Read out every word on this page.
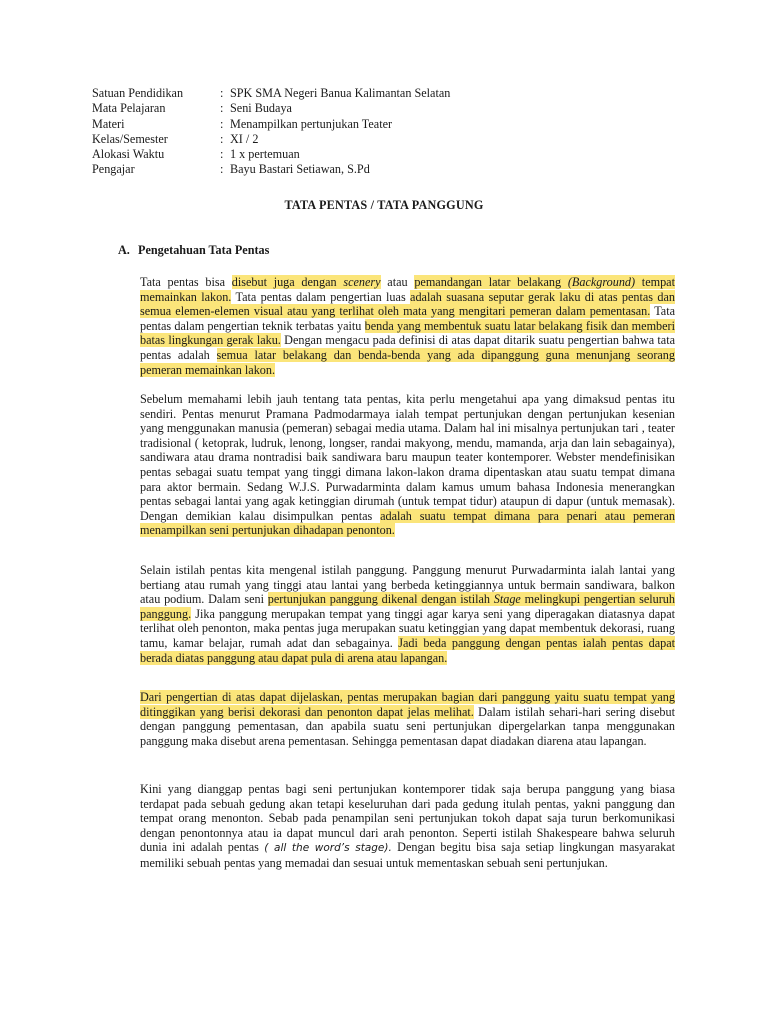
Satuan Pendidikan	: SPK SMA Negeri Banua Kalimantan Selatan
Mata Pelajaran	: Seni Budaya
Materi	: Menampilkan pertunjukan Teater
Kelas/Semester	: XI / 2
Alokasi Waktu	: 1 x pertemuan
Pengajar	: Bayu Bastari Setiawan, S.Pd
TATA PENTAS / TATA PANGGUNG
A. Pengetahuan Tata Pentas

Tata pentas bisa disebut juga dengan scenery atau pemandangan latar belakang (Background) tempat memainkan lakon. Tata pentas dalam pengertian luas adalah suasana seputar gerak laku di atas pentas dan semua elemen-elemen visual atau yang terlihat oleh mata yang mengitari pemeran dalam pementasan. Tata pentas dalam pengertian teknik terbatas yaitu benda yang membentuk suatu latar belakang fisik dan memberi batas lingkungan gerak laku. Dengan mengacu pada definisi di atas dapat ditarik suatu pengertian bahwa tata pentas adalah semua latar belakang dan benda-benda yang ada dipanggung guna menunjang seorang pemeran memainkan lakon.

Sebelum memahami lebih jauh tentang tata pentas, kita perlu mengetahui apa yang dimaksud pentas itu sendiri. Pentas menurut Pramana Padmodarmaya ialah tempat pertunjukan dengan pertunjukan kesenian yang menggunakan manusia (pemeran) sebagai media utama. Dalam hal ini misalnya pertunjukan tari , teater tradisional ( ketoprak, ludruk, lenong, longser, randai makyong, mendu, mamanda, arja dan lain sebagainya), sandiwara atau drama nontradisi baik sandiwara baru maupun teater kontemporer. Webster mendefinisikan pentas sebagai suatu tempat yang tinggi dimana lakon-lakon drama dipentaskan atau suatu tempat dimana para aktor bermain. Sedang W.J.S. Purwadarminta dalam kamus umum bahasa Indonesia menerangkan pentas sebagai lantai yang agak ketinggian dirumah (untuk tempat tidur) ataupun di dapur (untuk memasak). Dengan demikian kalau disimpulkan pentas adalah suatu tempat dimana para penari atau pemeran menampilkan seni pertunjukan dihadapan penonton.

Selain istilah pentas kita mengenal istilah panggung. Panggung menurut Purwadarminta ialah lantai yang bertiang atau rumah yang tinggi atau lantai yang berbeda ketinggiannya untuk bermain sandiwara, balkon atau podium. Dalam seni pertunjukan panggung dikenal dengan istilah Stage melingkupi pengertian seluruh panggung. Jika panggung merupakan tempat yang tinggi agar karya seni yang diperagakan diatasnya dapat terlihat oleh penonton, maka pentas juga merupakan suatu ketinggian yang dapat membentuk dekorasi, ruang tamu, kamar belajar, rumah adat dan sebagainya. Jadi beda panggung dengan pentas ialah pentas dapat berada diatas panggung atau dapat pula di arena atau lapangan.

Dari pengertian di atas dapat dijelaskan, pentas merupakan bagian dari panggung yaitu suatu tempat yang ditinggikan yang berisi dekorasi dan penonton dapat jelas melihat. Dalam istilah sehari-hari sering disebut dengan panggung pementasan, dan apabila suatu seni pertunjukan dipergelarkan tanpa menggunakan panggung maka disebut arena pementasan. Sehingga pementasan dapat diadakan diarena atau lapangan.

Kini yang dianggap pentas bagi seni pertunjukan kontemporer tidak saja berupa panggung yang biasa terdapat pada sebuah gedung akan tetapi keseluruhan dari pada gedung itulah pentas, yakni panggung dan tempat orang menonton. Sebab pada penampilan seni pertunjukan tokoh dapat saja turun berkomunikasi dengan penontonnya atau ia dapat muncul dari arah penonton. Seperti istilah Shakespeare bahwa seluruh dunia ini adalah pentas ( all the word’s stage). Dengan begitu bisa saja setiap lingkungan masyarakat memiliki sebuah pentas yang memadai dan sesuai untuk mementaskan sebuah seni pertunjukan.
